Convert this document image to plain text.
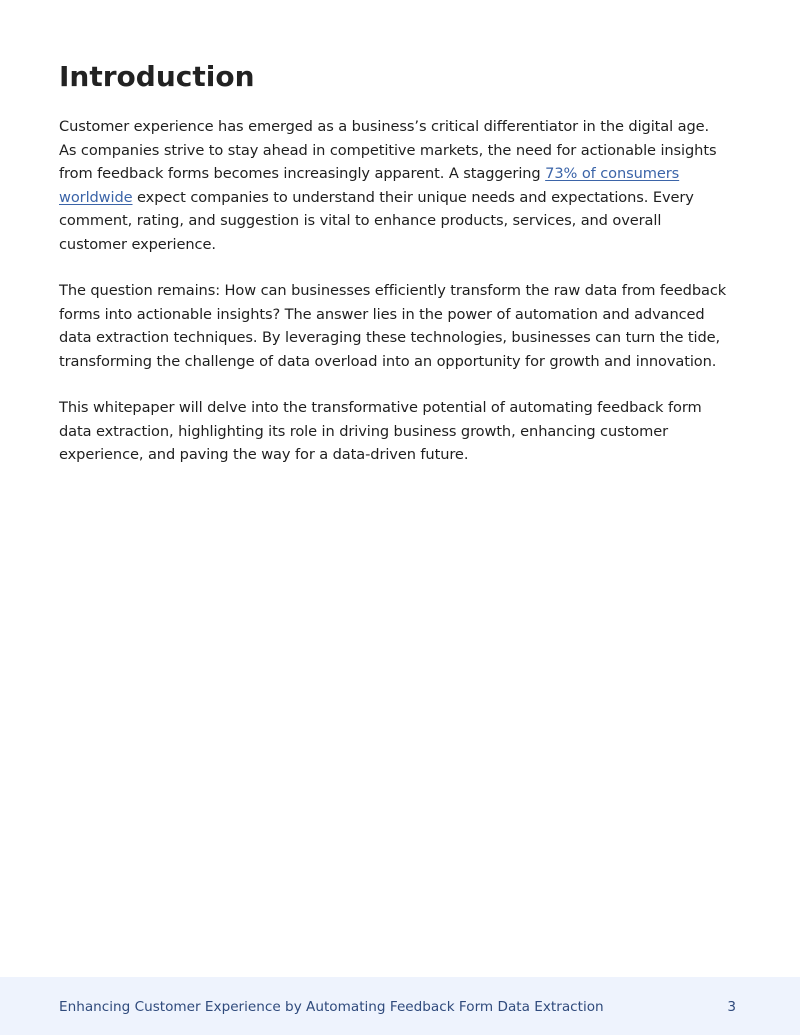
Introduction

Customer experience has emerged as a business’s critical differentiator in the digital age. As companies strive to stay ahead in competitive markets, the need for actionable insights from feedback forms becomes increasingly apparent. A staggering 73% of consumers worldwide expect companies to understand their unique needs and expectations. Every comment, rating, and suggestion is vital to enhance products, services, and overall customer experience.

The question remains: How can businesses efficiently transform the raw data from feedback forms into actionable insights? The answer lies in the power of automation and advanced data extraction techniques. By leveraging these technologies, businesses can turn the tide, transforming the challenge of data overload into an opportunity for growth and innovation.

This whitepaper will delve into the transformative potential of automating feedback form data extraction, highlighting its role in driving business growth, enhancing customer experience, and paving the way for a data-driven future.

Enhancing Customer Experience by Automating Feedback Form Data Extraction	3
